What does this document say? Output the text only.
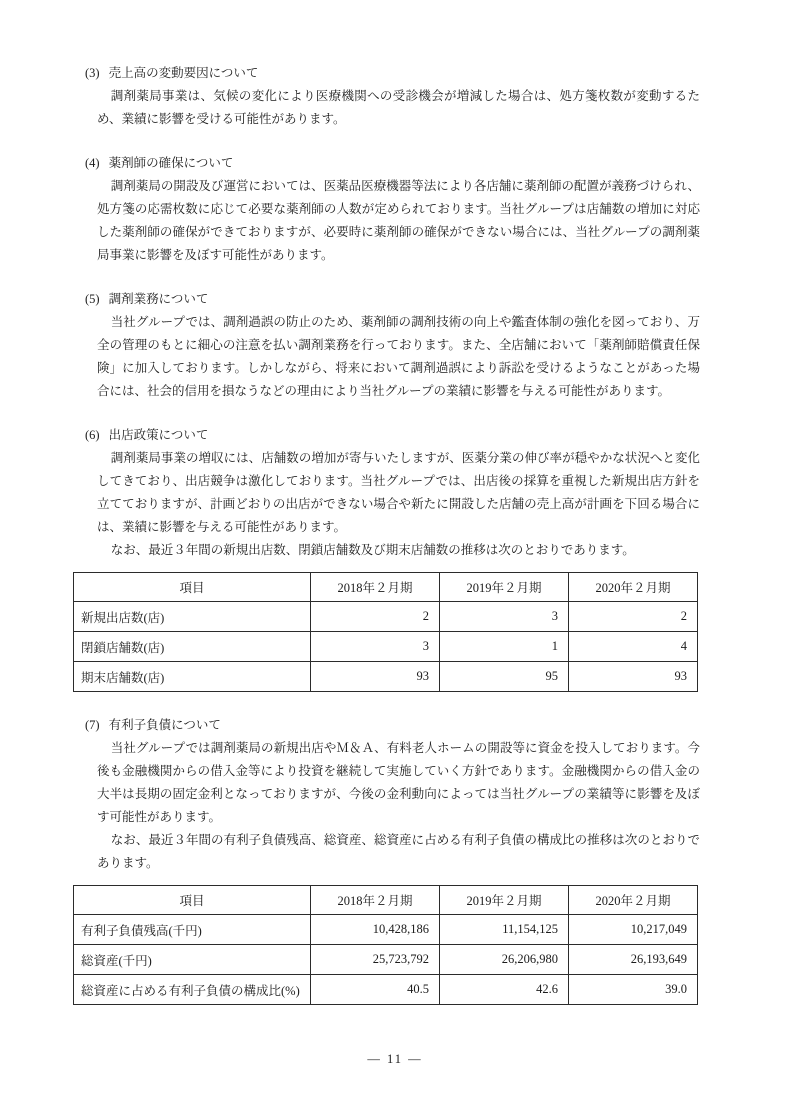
(3) 売上高の変動要因について

調剤薬局事業は、気候の変化により医療機関への受診機会が増減した場合は、処方箋枚数が変動するため、業績に影響を受ける可能性があります。

(4) 薬剤師の確保について

調剤薬局の開設及び運営においては、医薬品医療機器等法により各店舗に薬剤師の配置が義務づけられ、処方箋の応需枚数に応じて必要な薬剤師の人数が定められております。当社グループは店舗数の増加に対応した薬剤師の確保ができておりますが、必要時に薬剤師の確保ができない場合には、当社グループの調剤薬局事業に影響を及ぼす可能性があります。

(5) 調剤業務について

当社グループでは、調剤過誤の防止のため、薬剤師の調剤技術の向上や鑑査体制の強化を図っており、万全の管理のもとに細心の注意を払い調剤業務を行っております。また、全店舗において「薬剤師賠償責任保険」に加入しております。しかしながら、将来において調剤過誤により訴訟を受けるようなことがあった場合には、社会的信用を損なうなどの理由により当社グループの業績に影響を与える可能性があります。

(6) 出店政策について

調剤薬局事業の増収には、店舗数の増加が寄与いたしますが、医薬分業の伸び率が穏やかな状況へと変化してきており、出店競争は激化しております。当社グループでは、出店後の採算を重視した新規出店方針を立てておりますが、計画どおりの出店ができない場合や新たに開設した店舗の売上高が計画を下回る場合には、業績に影響を与える可能性があります。

なお、最近３年間の新規出店数、閉鎖店舗数及び期末店舗数の推移は次のとおりであります。

項目	2018年２月期	2019年２月期	2020年２月期
新規出店数(店)	2	3	2
閉鎖店舗数(店)	3	1	4
期末店舗数(店)	93	95	93
(7) 有利子負債について

当社グループでは調剤薬局の新規出店やＭ＆Ａ、有料老人ホームの開設等に資金を投入しております。今後も金融機関からの借入金等により投資を継続して実施していく方針であります。金融機関からの借入金の大半は長期の固定金利となっておりますが、今後の金利動向によっては当社グループの業績等に影響を及ぼす可能性があります。

なお、最近３年間の有利子負債残高、総資産、総資産に占める有利子負債の構成比の推移は次のとおりであります。

項目	2018年２月期	2019年２月期	2020年２月期
有利子負債残高(千円)	10,428,186	11,154,125	10,217,049
総資産(千円)	25,723,792	26,206,980	26,193,649
総資産に占める有利子負債の構成比(%)	40.5	42.6	39.0
― 11 ―
